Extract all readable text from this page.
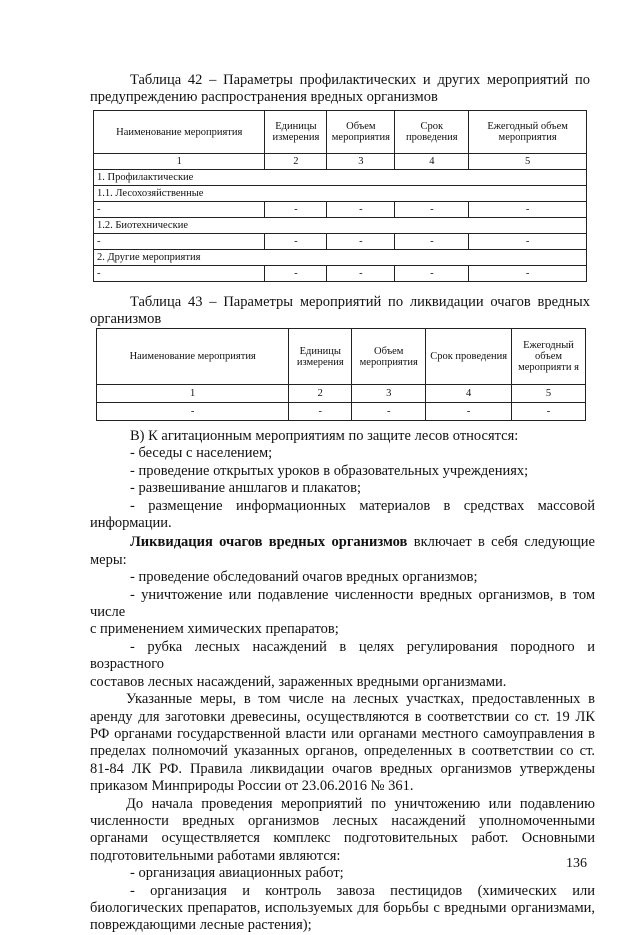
Таблица 42 – Параметры профилактических и других мероприятий по
предупреждению распространения вредных организмов
Наименование мероприятия	Единицы измерения	Объем мероприятия	Срок проведения	Ежегодный объем мероприятия
1	2	3	4	5
1. Профилактические				
1.1. Лесохозяйственные				
-	-	-	-	-
1.2. Биотехнические				
-	-	-	-	-
2. Другие мероприятия				
-	-	-	-	-
Таблица 43 – Параметры мероприятий по ликвидации очагов вредных
организмов
Наименование мероприятия	Единицы измерения	Объем мероприятия	Срок проведения	Ежегодный объем мероприяти я
1	2	3	4	5
-	-	-	-	-

В) К агитационным мероприятиям по защите лесов относятся:

- беседы с населением;

- проведение открытых уроков в образовательных учреждениях;

- развешивание аншлагов и плакатов;

- размещение информационных материалов в средствах массовой

информации.

Ликвидация очагов вредных организмов включает в себя следующие меры:

- проведение обследований очагов вредных организмов;

- уничтожение или подавление численности вредных организмов, в том числе

с применением химических препаратов;

- рубка лесных насаждений в целях регулирования породного и возрастного

составов лесных насаждений, зараженных вредными организмами.

Указанные меры, в том числе на лесных участках, предоставленных в аренду для заготовки древесины, осуществляются в соответствии со ст. 19 ЛК РФ органами государственной власти или органами местного самоуправления в пределах полномочий указанных органов, определенных в соответствии со ст. 81-84 ЛК РФ. Правила ликвидации очагов вредных организмов утверждены приказом Минприроды России от 23.06.2016 № 361.

До начала проведения мероприятий по уничтожению или подавлению численности вредных организмов лесных насаждений уполномоченными органами осуществляется комплекс подготовительных работ. Основными подготовительными работами являются:

- организация авиационных работ;

- организация и контроль завоза пестицидов (химических или биологических препаратов, используемых для борьбы с вредными организмами, повреждающими лесные растения);

136
